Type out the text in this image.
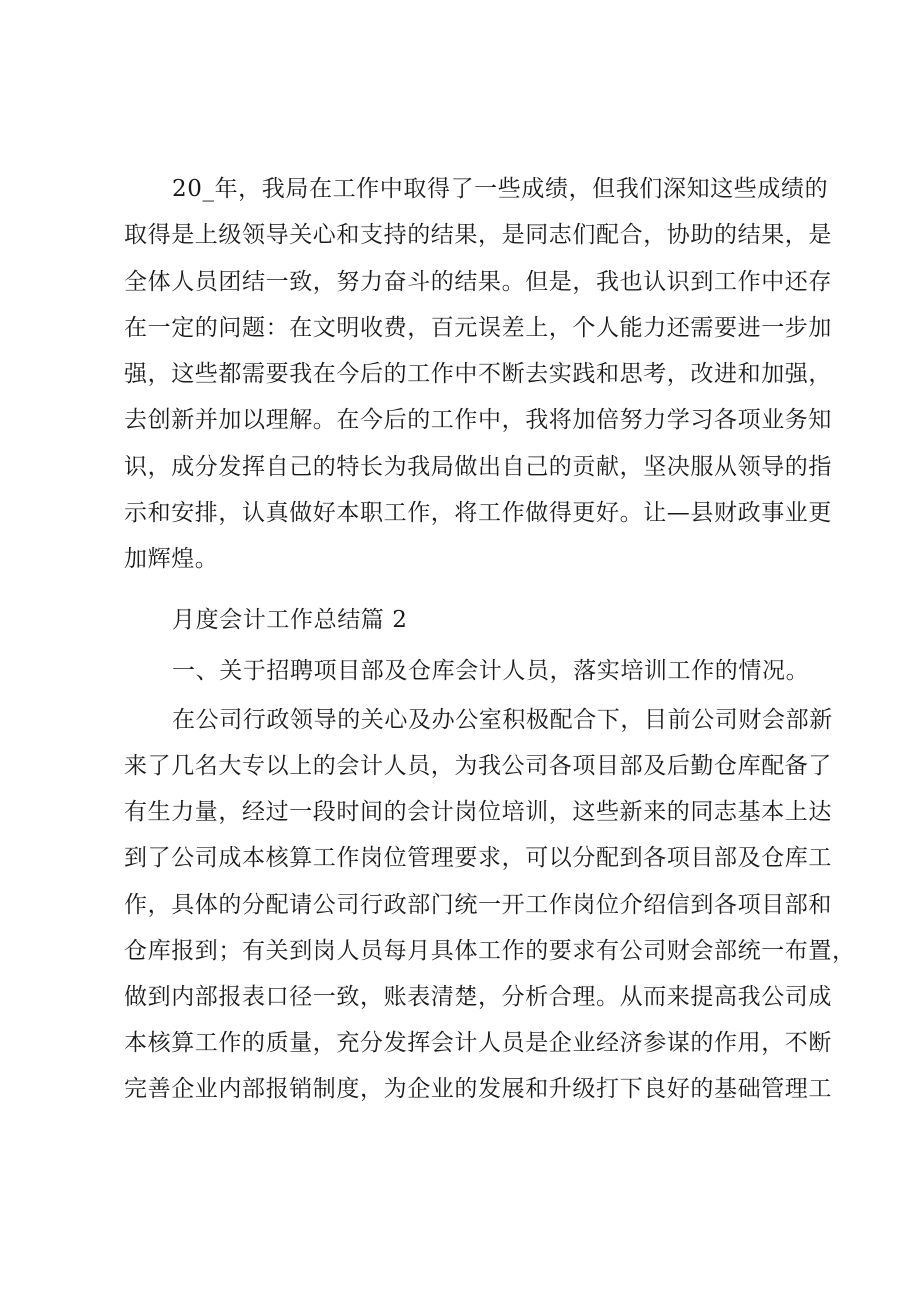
20_年，我局在工作中取得了一些成绩，但我们深知这些成绩的
取得是上级领导关心和支持的结果，是同志们配合，协助的结果，是
全体人员团结一致，努力奋斗的结果。但是，我也认识到工作中还存
在一定的问题：在文明收费，百元误差上，个人能力还需要进一步加
强，这些都需要我在今后的工作中不断去实践和思考，改进和加强，
去创新并加以理解。在今后的工作中，我将加倍努力学习各项业务知
识，成分发挥自己的特长为我局做出自己的贡献，坚决服从领导的指
示和安排，认真做好本职工作，将工作做得更好。让—县财政事业更
加辉煌。
月度会计工作总结篇 2
一、关于招聘项目部及仓库会计人员，落实培训工作的情况。
在公司行政领导的关心及办公室积极配合下，目前公司财会部新
来了几名大专以上的会计人员，为我公司各项目部及后勤仓库配备了
有生力量，经过一段时间的会计岗位培训，这些新来的同志基本上达
到了公司成本核算工作岗位管理要求，可以分配到各项目部及仓库工
作，具体的分配请公司行政部门统一开工作岗位介绍信到各项目部和
仓库报到；有关到岗人员每月具体工作的要求有公司财会部统一布置，
做到内部报表口径一致，账表清楚，分析合理。从而来提高我公司成
本核算工作的质量，充分发挥会计人员是企业经济参谋的作用，不断
完善企业内部报销制度，为企业的发展和升级打下良好的基础管理工
